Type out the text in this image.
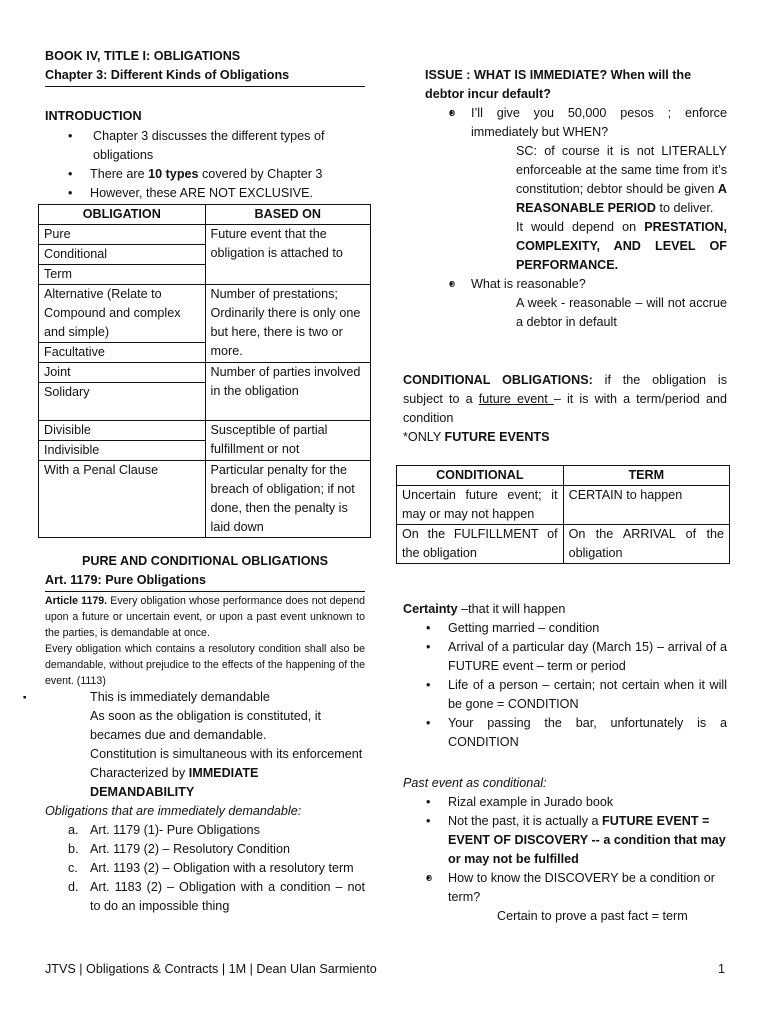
BOOK IV, TITLE I: OBLIGATIONS
Chapter 3: Different Kinds of Obligations
INTRODUCTION
• Chapter 3 discusses the different types of obligations
• There are 10 types covered by Chapter 3
• However, these ARE NOT EXCLUSIVE.
OBLIGATION	BASED ON
Pure	Future event that the obligation is attached to
Conditional	
Term	
Alternative (Relate to Compound and complex and simple)	Number of prestations; Ordinarily there is only one but here, there is two or more.
Facultative	
Joint	Number of parties involved in the obligation
Solidary	
Divisible	Susceptible of partial fulfillment or not
Indivisible	
With a Penal Clause	Particular penalty for the breach of obligation; if not done, then the penalty is laid down
PURE AND CONDITIONAL OBLIGATIONS
Art. 1179: Pure Obligations
Article 1179. Every obligation whose performance does not depend upon a future or uncertain event, or upon a past event unknown to the parties, is demandable at once.
Every obligation which contains a resolutory condition shall also be demandable, without prejudice to the effects of the happening of the event. (1113)
▪ This is immediately demandable
▪ As soon as the obligation is constituted, it becames due and demandable.
▪ Constitution is simultaneous with its enforcement
▪ Characterized by IMMEDIATE DEMANDABILITY
Obligations that are immediately demandable:
a. Art. 1179 (1)- Pure Obligations
b. Art. 1179 (2) – Resolutory Condition
c. Art. 1193 (2) – Obligation with a resolutory term
d. Art. 1183 (2) – Obligation with a condition – not to do an impossible thing
ISSUE : WHAT IS IMMEDIATE? When will the debtor incur default?
• I’ll give you 50,000 pesos ; enforce immediately but WHEN?
o SC: of course it is not LITERALLY enforceable at the same time from it’s constitution; debtor should be given A REASONABLE PERIOD to deliver.
o It would depend on PRESTATION, COMPLEXITY, AND LEVEL OF PERFORMANCE.
• What is reasonable?
o A week - reasonable – will not accrue a debtor in default
CONDITIONAL OBLIGATIONS: if the obligation is subject to a future event – it is with a term/period and condition
*ONLY FUTURE EVENTS
CONDITIONAL	TERM
Uncertain future event; it may or may not happen	CERTAIN to happen
On the FULFILLMENT of the obligation	On the ARRIVAL of the obligation
Certainty –that it will happen
• Getting married – condition
• Arrival of a particular day (March 15) – arrival of a FUTURE event – term or period
• Life of a person – certain; not certain when it will be gone = CONDITION
• Your passing the bar, unfortunately is a CONDITION
Past event as conditional:
• Rizal example in Jurado book
• Not the past, it is actually a FUTURE EVENT = EVENT OF DISCOVERY -- a condition that may or may not be fulfilled
• How to know the DISCOVERY be a condition or term?
o Certain to prove a past fact = term
JTVS | Obligations & Contracts | 1M | Dean Ulan Sarmiento	1
